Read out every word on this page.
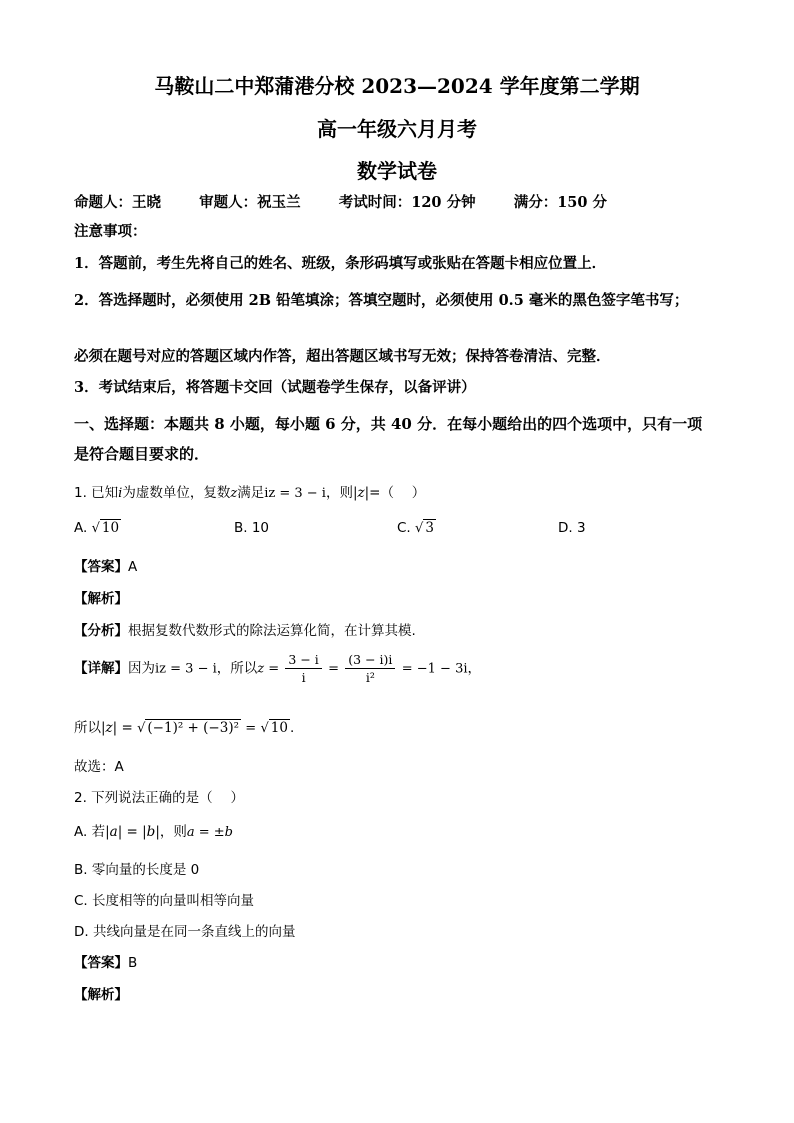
马鞍山二中郑蒲港分校 2023—2024 学年度第二学期
高一年级六月月考
数学试卷
命题人：王晓	审题人：祝玉兰	考试时间：120 分钟	满分：150 分
注意事项：
1．答题前，考生先将自己的姓名、班级，条形码填写或张贴在答题卡相应位置上．
2．答选择题时，必须使用 2B 铅笔填涂；答填空题时，必须使用 0.5 毫米的黑色签字笔书写；
必须在题号对应的答题区域内作答，超出答题区域书写无效；保持答卷清洁、完整．
3．考试结束后，将答题卡交回（试题卷学生保存，以备评讲）
一、选择题：本题共 8 小题，每小题 6 分，共 40 分．在每小题给出的四个选项中，只有一项是符合题目要求的．
1. 已知i为虚数单位，复数z满足iz = 3 − i，则|z|=（　 ）
A. √ 10	B. 10	C. √ 3	D. 3
【答案】A
【解析】
【分析】根据复数代数形式的除法运算化简，在计算其模.
【详解】因为iz = 3 − i，所以$z = \frac{3 - i}{i} = \frac{(3 - i)i}{\text{i²}} = -1 - 3i$，
所以|z| = √ (−1)² + (−3)² = √ 10 .
故选：A
2. 下列说法正确的是（　 ）
A. 若|a| = |b|，则a = ±b
B. 零向量的长度是 0
C. 长度相等的向量叫相等向量
D. 共线向量是在同一条直线上的向量
【答案】B
【解析】
